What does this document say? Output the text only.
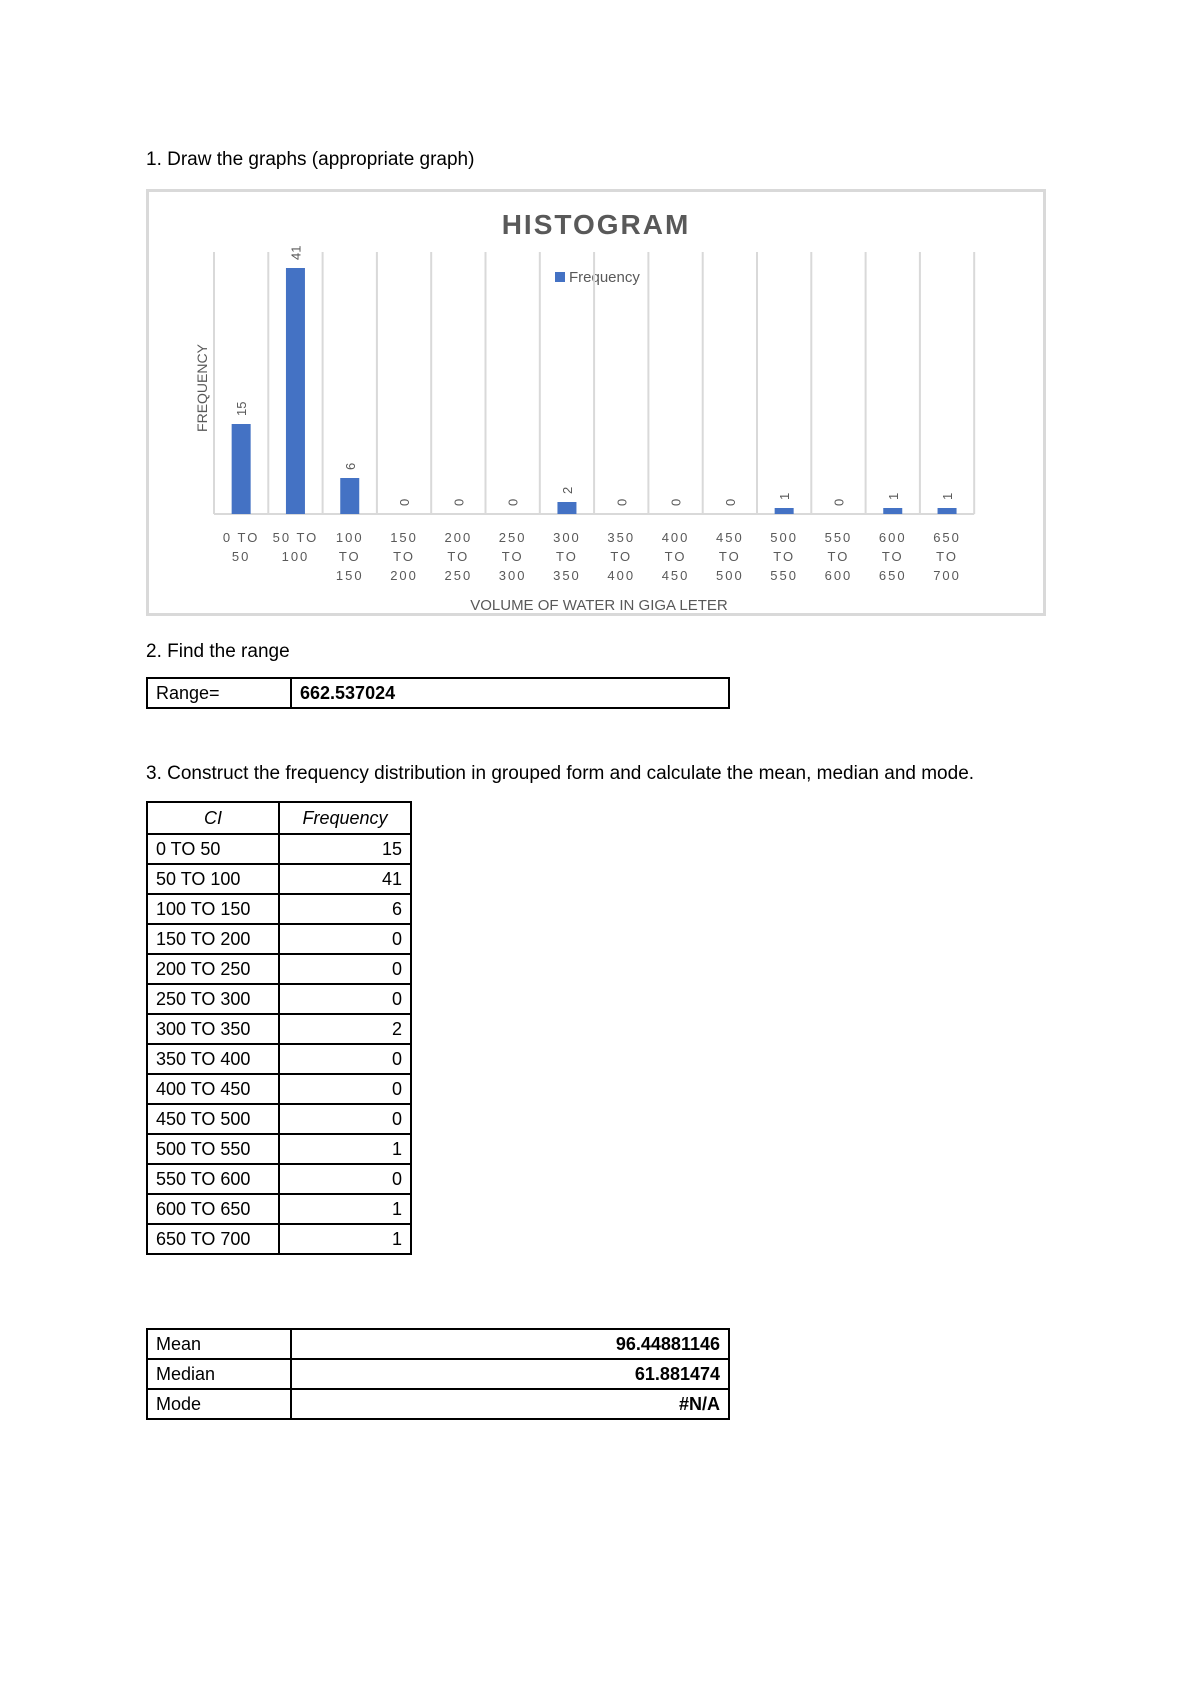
1. Draw the graphs (appropriate graph)
HISTOGRAM
Frequency
FREQUENCY
VOLUME OF WATER IN GIGA LETER
15
0 TO
50
41
50 TO
100
6
100
TO
150
0
150
TO
200
0
200
TO
250
0
250
TO
300
2
300
TO
350
0
350
TO
400
0
400
TO
450
0
450
TO
500
1
500
TO
550
0
550
TO
600
1
600
TO
650
1
650
TO
700
2. Find the range
Range=	662.537024
3. Construct the frequency distribution in grouped form and calculate the mean, median and mode.
CI	Frequency
0 TO 50	15
50 TO 100	41
100 TO 150	6
150 TO 200	0
200 TO 250	0
250 TO 300	0
300 TO 350	2
350 TO 400	0
400 TO 450	0
450 TO 500	0
500 TO 550	1
550 TO 600	0
600 TO 650	1
650 TO 700	1
Mean	96.44881146
Median	61.881474
Mode	#N/A
